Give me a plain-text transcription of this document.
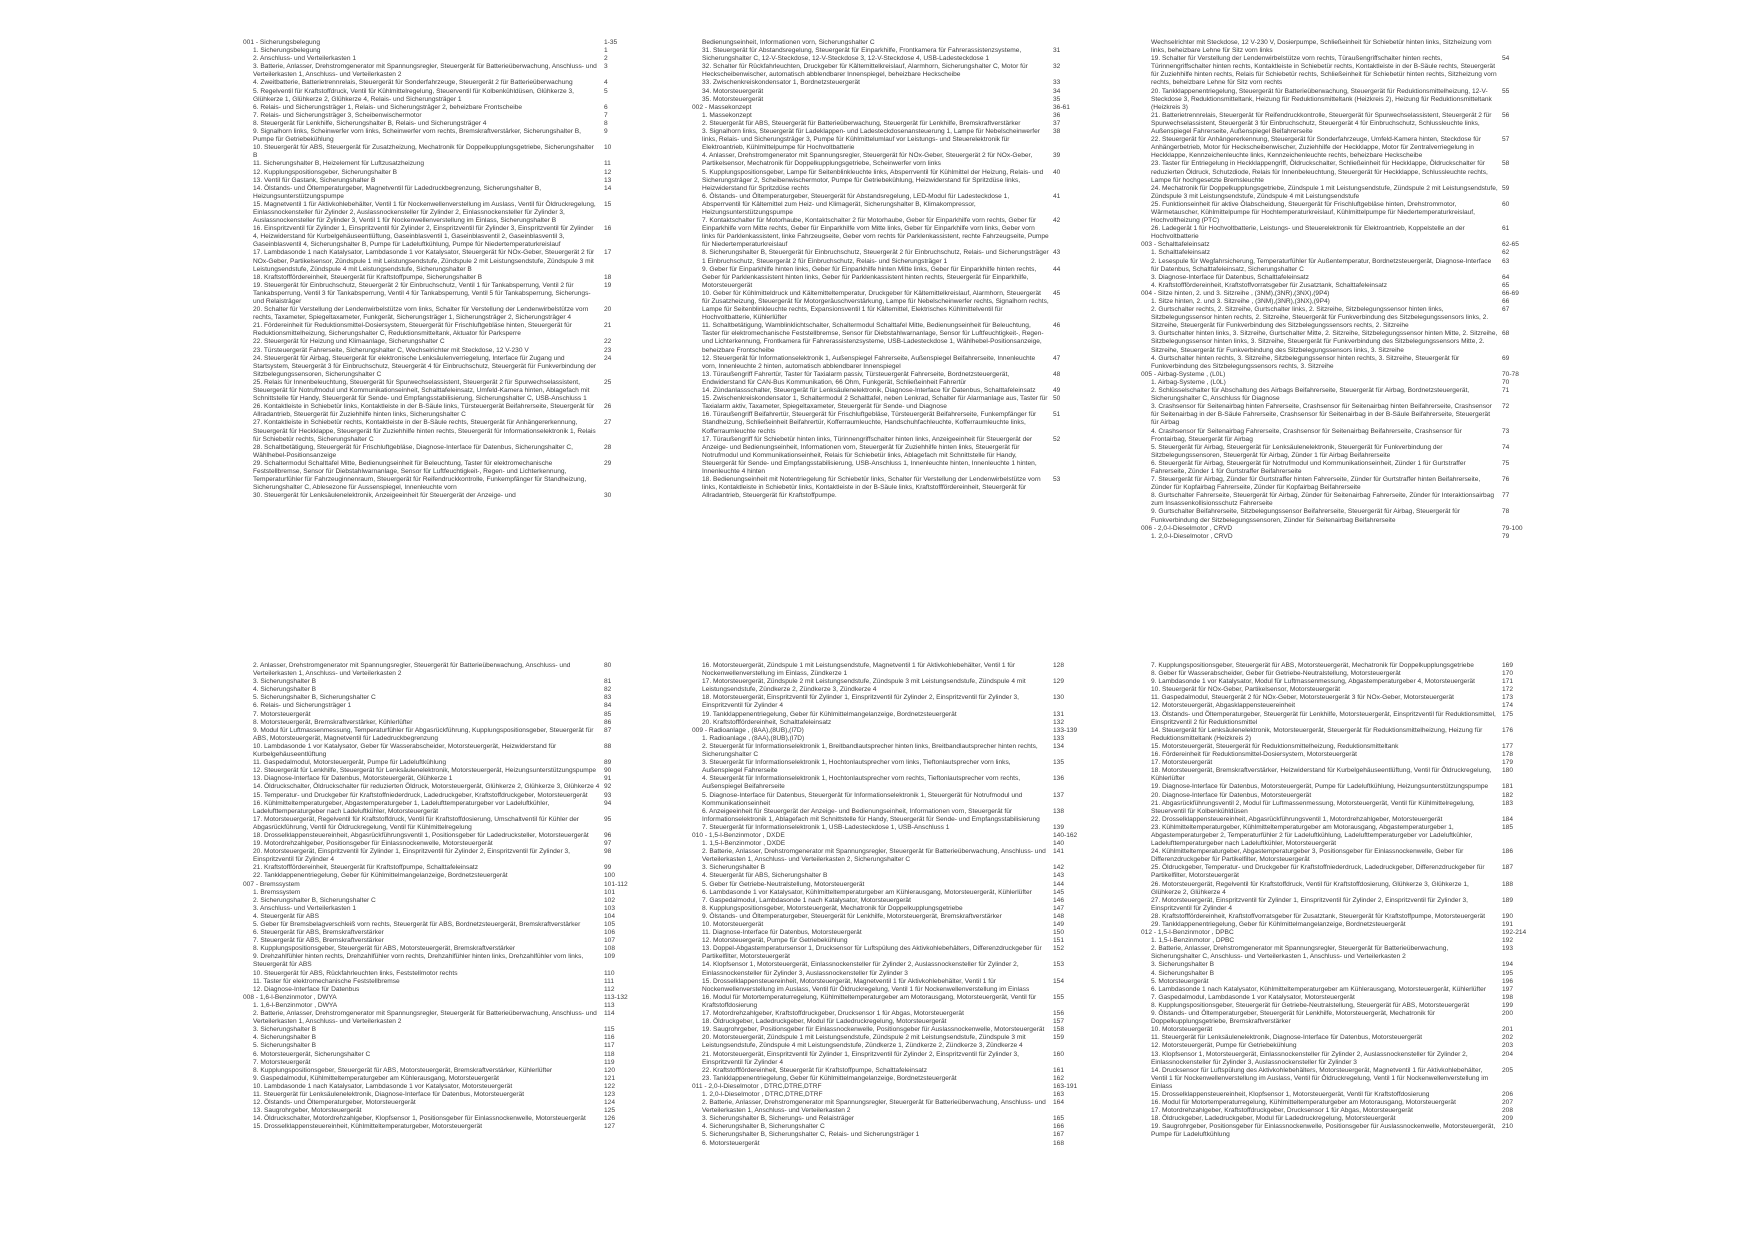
001 - Sicherungsbelegung	1-35
1. Sicherungsbelegung	1
2. Anschluss- und Verteilerkasten 1	2
3. Batterie, Anlasser, Drehstromgenerator mit Spannungsregler, Steuergerät für Batterieüberwachung, Anschluss- und Verteilerkasten 1, Anschluss- und Verteilerkasten 2
3
4. Zweitbatterie, Batterietrennrelais, Steuergerät für Sonderfahrzeuge, Steuergerät 2 für Batterieüberwachung	4
5. Regelventil für Kraftstoffdruck, Ventil für Kühlmittelregelung, Steuerventil für Kolbenkühldüsen, Glühkerze 3, Glühkerze 1, Glühkerze 2, Glühkerze 4, Relais- und Sicherungsträger 1
5
6. Relais- und Sicherungsträger 1, Relais- und Sicherungsträger 2, beheizbare Frontscheibe	6
7. Relais- und Sicherungsträger 3, Scheibenwischermotor	7
8. Steuergerät für Lenkhilfe, Sicherungshalter B, Relais- und Sicherungsträger 4	8
9. Signalhorn links, Scheinwerfer vorn links, Scheinwerfer vorn rechts, Bremskraftverstärker, Sicherungshalter B, Pumpe für Getriebekühlung
9
10. Steuergerät für ABS, Steuergerät für Zusatzheizung, Mechatronik für Doppelkupplungsgetriebe, Sicherungshalter B
10
11. Sicherungshalter B, Heizelement für Luftzusatzheizung	11
12. Kupplungspositionsgeber, Sicherungshalter B	12
13. Ventil für Gastank, Sicherungshalter B	13
14. Ölstands- und Öltemperaturgeber, Magnetventil für Ladedruckbegrenzung, Sicherungshalter B, Heizungsunterstützungspumpe
14
15. Magnetventil 1 für Aktivkohlebehälter, Ventil 1 für Nockenwellenverstellung im Auslass, Ventil für Öldruckregelung, Einlassnockensteller für Zylinder 2, Auslassnockensteller für Zylinder 2, Einlassnockensteller für Zylinder 3, Auslassnockensteller für Zylinder 3, Ventil 1 für Nockenwellenverstellung im Einlass, Sicherungshalter B
15
16. Einspritzventil für Zylinder 1, Einspritzventil für Zylinder 2, Einspritzventil für Zylinder 3, Einspritzventil für Zylinder 4, Heizwiderstand für Kurbelgehäuseentlüftung, Gaseinblasventil 1, Gaseinblasventil 2, Gaseinblasventil 3, Gaseinblasventil 4, Sicherungshalter B, Pumpe für Ladeluftkühlung, Pumpe für Niedertemperaturkreislauf
16
17. Lambdasonde 1 nach Katalysator, Lambdasonde 1 vor Katalysator, Steuergerät für NOx-Geber, Steuergerät 2 für NOx-Geber, Partikelsensor, Zündspule 1 mit Leistungsendstufe, Zündspule 2 mit Leistungsendstufe, Zündspule 3 mit Leistungsendstufe, Zündspule 4 mit Leistungsendstufe, Sicherungshalter B
17
18. Kraftstofffördereinheit, Steuergerät für Kraftstoffpumpe, Sicherungshalter B	18
19. Steuergerät für Einbruchschutz, Steuergerät 2 für Einbruchschutz, Ventil 1 für Tankabsperrung, Ventil 2 für Tankabsperrung, Ventil 3 für Tankabsperrung, Ventil 4 für Tankabsperrung, Ventil 5 für Tankabsperrung, Sicherungs- und Relaisträger
19
20. Schalter für Verstellung der Lendenwirbelstütze vorn links, Schalter für Verstellung der Lendenwirbelstütze vorn rechts, Taxameter, Spiegeltaxameter, Funkgerät, Sicherungsträger 1, Sicherungsträger 2, Sicherungsträger 4
20
21. Fördereinheit für Reduktionsmittel-Dosiersystem, Steuergerät für Frischluftgebläse hinten, Steuergerät für Reduktionsmittelheizung, Sicherungshalter C, Reduktionsmitteltank, Aktuator für Parksperre
21
22. Steuergerät für Heizung und Klimaanlage, Sicherungshalter C	22
23. Türsteuergerät Fahrerseite, Sicherungshalter C, Wechselrichter mit Steckdose, 12 V-230 V	23
24. Steuergerät für Airbag, Steuergerät für elektronische Lenksäulenverriegelung, Interface für Zugang und Startsystem, Steuergerät 3 für Einbruchschutz, Steuergerät 4 für Einbruchschutz, Steuergerät für Funkverbindung der Sitzbelegungssensoren, Sicherungshalter C
24
25. Relais für Innenbeleuchtung, Steuergerät für Spurwechselassistent, Steuergerät 2 für Spurwechselassistent, Steuergerät für Notrufmodul und Kommunikationseinheit, Schalttafeleinsatz, Umfeld-Kamera hinten, Ablagefach mit Schnittstelle für Handy, Steuergerät für Sende- und Empfangsstabilisierung, Sicherungshalter C, USB-Anschluss 1
25
26. Kontaktleiste in Schiebetür links, Kontaktleiste in der B-Säule links, Türsteuergerät Beifahrerseite, Steuergerät für Allradantrieb, Steuergerät für Zuziehhilfe hinten links, Sicherungshalter C
26
27. Kontaktleiste in Schiebetür rechts, Kontaktleiste in der B-Säule rechts, Steuergerät für Anhängererkennung, Steuergerät für Heckklappe, Steuergerät für Zuziehhilfe hinten rechts, Steuergerät für Informationselektronik 1, Relais für Schiebetür rechts, Sicherungshalter C
27
28. Schaltbetätigung, Steuergerät für Frischluftgebläse, Diagnose-Interface für Datenbus, Sicherungshalter C, Wählhebel-Positionsanzeige
28
29. Schaltermodul Schalttafel Mitte, Bedienungseinheit für Beleuchtung, Taster für elektromechanische Feststellbremse, Sensor für Diebstahlwarnanlage, Sensor für Luftfeuchtigkeit-, Regen- und Lichterkennung, Temperaturfühler für Fahrzeuginnenraum, Steuergerät für Reifendruckkontrolle, Funkempfänger für Standheizung, Sicherungshalter C, Ablesezone für Aussenspiegel, Innenleuchte vorn
29
30. Steuergerät für Lenksäulenelektronik, Anzeigeeinheit für Steuergerät der Anzeige- und	30
Bedienungseinheit, Informationen vorn, Sicherungshalter C
31. Steuergerät für Abstandsregelung, Steuergerät für Einparkhilfe, Frontkamera für Fahrerassistenzsysteme, Sicherungshalter C, 12-V-Steckdose, 12-V-Steckdose 3, 12-V-Steckdose 4, USB-Ladesteckdose 1
31
32. Schalter für Rückfahrleuchten, Druckgeber für Kältemittelkreislauf, Alarmhorn, Sicherungshalter C, Motor für Heckscheibenwischer, automatisch abblendbarer Innenspiegel, beheizbare Heckscheibe
32
33. Zwischenkreiskondensator 1, Bordnetzsteuergerät	33
34. Motorsteuergerät	34
35. Motorsteuergerät	35
002 - Massekonzept	36-61
1. Massekonzept	36
2. Steuergerät für ABS, Steuergerät für Batterieüberwachung, Steuergerät für Lenkhilfe, Bremskraftverstärker	37
3. Signalhorn links, Steuergerät für Ladeklappen- und Ladesteckdosenansteuerung 1, Lampe für Nebelscheinwerfer links, Relais- und Sicherungsträger 3, Pumpe für Kühlmittelumlauf vor Leistungs- und Steuerelektronik für Elektroantrieb, Kühlmittelpumpe für Hochvoltbatterie
38
4. Anlasser, Drehstromgenerator mit Spannungsregler, Steuergerät für NOx-Geber, Steuergerät 2 für NOx-Geber, Partikelsensor, Mechatronik für Doppelkupplungsgetriebe, Scheinwerfer vorn links
39
5. Kupplungspositionsgeber, Lampe für Seitenblinkleuchte links, Absperrventil für Kühlmittel der Heizung, Relais- und Sicherungsträger 2, Scheibenwischermotor, Pumpe für Getriebekühlung, Heizwiderstand für Spritzdüse links, Heizwiderstand für Spritzdüse rechts
40
6. Ölstands- und Öltemperaturgeber, Steuergerät für Abstandsregelung, LED-Modul für Ladesteckdose 1, Absperrventil für Kältemittel zum Heiz- und Klimagerät, Sicherungshalter B, Klimakompressor, Heizungsunterstützungspumpe
41
7. Kontaktschalter für Motorhaube, Kontaktschalter 2 für Motorhaube, Geber für Einparkhilfe vorn rechts, Geber für Einparkhilfe vorn Mitte rechts, Geber für Einparkhilfe vorn Mitte links, Geber für Einparkhilfe vorn links, Geber vorn links für Parklenkassistent, linke Fahrzeugseite, Geber vorn rechts für Parklenkassistent, rechte Fahrzeugseite, Pumpe für Niedertemperaturkreislauf
42
8. Sicherungshalter B, Steuergerät für Einbruchschutz, Steuergerät 2 für Einbruchschutz, Relais- und Sicherungsträger 1 Einbruchschutz, Steuergerät 2 für Einbruchschutz, Relais- und Sicherungsträger 1
43
9. Geber für Einparkhilfe hinten links, Geber für Einparkhilfe hinten Mitte links, Geber für Einparkhilfe hinten rechts, Geber für Parklenkassistent hinten links, Geber für Parklenkassistent hinten rechts, Steuergerät für Einparkhilfe, Motorsteuergerät
44
10. Geber für Kühlmitteldruck und Kältemitteltemperatur, Druckgeber für Kältemittelkreislauf, Alarmhorn, Steuergerät für Zusatzheizung, Steuergerät für Motorgeräuschverstärkung, Lampe für Nebelscheinwerfer rechts, Signalhorn rechts, Lampe für Seitenblinkleuchte rechts, Expansionsventil 1 für Kältemittel, Elektrisches Kühlmittelventil für Hochvoltbatterie, Kühlerlüfter
45
11. Schaltbetätigung, Wamblinklichtschalter, Schaltermodul Schalttafel Mitte, Bedienungseinheit für Beleuchtung, Taster für elektromechanische Feststellbremse, Sensor für Diebstahlwarnanlage, Sensor für Luftfeuchtigkeit-, Regen- und Lichterkennung, Frontkamera für Fahrerassistenzsysteme, USB-Ladesteckdose 1, Wählhebel-Positionsanzeige, beheizbare Frontscheibe
46
12. Steuergerät für Informationselektronik 1, Außenspiegel Fahrerseite, Außenspiegel Beifahrerseite, Innenleuchte vorn, Innenleuchte 2 hinten, automatisch abblendbarer Innenspiegel
47
13. Türaußengriff Fahrertür, Taster für Taxialarm passiv, Türsteuergerät Fahrerseite, Bordnetzsteuergerät, Endwiderstand für CAN-Bus Kommunikation, 66 Ohm, Funkgerät, Schließeinheit Fahrertür
48
14. Zündanlassschalter, Steuergerät für Lenksäulenelektronik, Diagnose-Interface für Datenbus, Schalttafeleinsatz	49
15. Zwischenkreiskondensator 1, Schaltermodul 2 Schalttafel, neben Lenkrad, Schalter für Alarmanlage aus, Taster für Taxialarm aktiv, Taxameter, Spiegeltaxameter, Steuergerät für Sende- und Diagnose
50
16. Türaußengriff Beifahrertür, Steuergerät für Frischluftgebläse, Türsteuergerät Beifahrerseite, Funkempfänger für Standheizung, Schließeinheit Beifahrertür, Kofferraumleuchte, Handschuhfachleuchte, Kofferraumleuchte links, Kofferraumleuchte rechts
51
17. Türaußengriff für Schiebetür hinten links, Türinnengriffschalter hinten links, Anzeigeeinheit für Steuergerät der Anzeige- und Bedienungseinheit, Informationen vorn, Steuergerät für Zuziehhilfe hinten links, Steuergerät für Notrufmodul und Kommunikationseinheit, Relais für Schiebetür links, Ablagefach mit Schnittstelle für Handy, Steuergerät für Sende- und Empfangsstabilisierung, USB-Anschluss 1, Innenleuchte hinten, Innenleuchte 1 hinten, Innenleuchte 4 hinten
52
18. Bedienungseinheit mit Notentriegelung für Schiebetür links, Schalter für Verstellung der Lendenwirbelstütze vorn links, Kontaktleiste in Schiebetür links, Kontaktleiste in der B-Säule links, Kraftstofffördereinheit, Steuergerät für Allradantrieb, Steuergerät für Kraftstoffpumpe.
53
Wechselrichter mit Steckdose, 12 V-230 V, Dosierpumpe, Schließeinheit für Schiebetür hinten links, Sitzheizung vorn links, beheizbare Lehne für Sitz vorn links
19. Schalter für Verstellung der Lendenwirbelstütze vorn rechts, Türaußengriffschalter hinten rechts, Türinnengriffschalter hinten rechts, Kontaktleiste in Schiebetür rechts, Kontaktleiste in der B-Säule rechts, Steuergerät für Zuziehhilfe hinten rechts, Relais für Schiebetür rechts, Schließeinheit für Schiebetür hinten rechts, Sitzheizung vorn rechts, beheizbare Lehne für Sitz vorn rechts
54
20. Tankklappenentriegelung, Steuergerät für Batterieüberwachung, Steuergerät für Reduktionsmittelheizung, 12-V-Steckdose 3, Reduktionsmitteltank, Heizung für Reduktionsmitteltank (Heizkreis 2), Heizung für Reduktionsmitteltank (Heizkreis 3)
55
21. Batterietrennrelais, Steuergerät für Reifendruckkontrolle, Steuergerät für Spurwechselassistent, Steuergerät 2 für Spurwechselassistent, Steuergerät 3 für Einbruchschutz, Steuergerät 4 für Einbruchschutz, Schlussleuchte links, Außenspiegel Fahrerseite, Außenspiegel Beifahrerseite
56
22. Steuergerät für Anhängererkennung, Steuergerät für Sonderfahrzeuge, Umfeld-Kamera hinten, Steckdose für Anhängerbetrieb, Motor für Heckscheibenwischer, Zuziehhilfe der Heckklappe, Motor für Zentralverriegelung in Heckklappe, Kennzeichenleuchte links, Kennzeichenleuchte rechts, beheizbare Heckscheibe
57
23. Taster für Entriegelung in Heckklappengriff, Öldruckschalter, Schließeinheit für Heckklappe, Öldruckschalter für reduzierten Öldruck, Schutzdiode, Relais für Innenbeleuchtung, Steuergerät für Heckklappe, Schlussleuchte rechts, Lampe für hochgesetzte Bremsleuchte
58
24. Mechatronik für Doppelkupplungsgetriebe, Zündspule 1 mit Leistungsendstufe, Zündspule 2 mit Leistungsendstufe, Zündspule 3 mit Leistungsendstufe, Zündspule 4 mit Leistungsendstufe
59
25. Funktionseinheit für aktive Ölabscheidung, Steuergerät für Frischluftgebläse hinten, Drehstrommotor, Wärmetauscher, Kühlmittelpumpe für Hochtemperaturkreislauf, Kühlmittelpumpe für Niedertemperaturkreislauf, Hochvoltheizung (PTC)
60
26. Ladegerät 1 für Hochvoltbatterie, Leistungs- und Steuerelektronik für Elektroantrieb, Koppelstelle an der Hochvoltbatterie
61
003 - Schalttafeleinsatz	62-65
1. Schalttafeleinsatz	62
2. Lesespule für Wegfahrsicherung, Temperaturfühler für Außentemperatur, Bordnetzsteuergerät, Diagnose-Interface für Datenbus, Schalttafeleinsatz, Sicherungshalter C
63
3. Diagnose-Interface für Datenbus, Schalttafeleinsatz	64
4. Kraftstofffördereinheit, Kraftstoffvorratsgeber für Zusatztank, Schalttafeleinsatz	65
004 - Sitze hinten, 2. und 3. Sitzreihe , (3NM),(3NR),(3NX),(9P4)	66-69
1. Sitze hinten, 2. und 3. Sitzreihe , (3NM),(3NR),(3NX),(9P4)	66
2. Gurtschalter rechts, 2. Sitzreihe, Gurtschalter links, 2. Sitzreihe, Sitzbelegungssensor hinten links, Sitzbelegungssensor hinten rechts, 2. Sitzreihe, Steuergerät für Funkverbindung des Sitzbelegungssensors links, 2. Sitzreihe, Steuergerät für Funkverbindung des Sitzbelegungssensors rechts, 2. Sitzreihe
67
3. Gurtschalter hinten links, 3. Sitzreihe, Gurtschalter Mitte, 2. Sitzreihe, Sitzbelegungssensor hinten Mitte, 2. Sitzreihe, Sitzbelegungssensor hinten links, 3. Sitzreihe, Steuergerät für Funkverbindung des Sitzbelegungssensors Mitte, 2. Sitzreihe, Steuergerät für Funkverbindung des Sitzbelegungssensors links, 3. Sitzreihe
68
4. Gurtschalter hinten rechts, 3. Sitzreihe, Sitzbelegungssensor hinten rechts, 3. Sitzreihe, Steuergerät für Funkverbindung des Sitzbelegungssensors rechts, 3. Sitzreihe
69
005 - Airbag-Systeme , (L0L)	70-78
1. Airbag-Systeme , (L0L)	70
2. Schlüsselschalter für Abschaltung des Airbags Beifahrerseite, Steuergerät für Airbag, Bordnetzsteuergerät, Sicherungshalter C, Anschluss für Diagnose
71
3. Crashsensor für Seitenairbag hinten Fahrerseite, Crashsensor für Seitenairbag hinten Beifahrerseite, Crashsensor für Seitenairbag in der B-Säule Fahrerseite, Crashsensor für Seitenairbag in der B-Säule Beifahrerseite, Steuergerät für Airbag
72
4. Crashsensor für Seitenairbag Fahrerseite, Crashsensor für Seitenairbag Beifahrerseite, Crashsensor für Frontairbag, Steuergerät für Airbag
73
5. Steuergerät für Airbag, Steuergerät für Lenksäulenelektronik, Steuergerät für Funkverbindung der Sitzbelegungssensoren, Steuergerät für Airbag, Zünder 1 für Airbag Beifahrerseite
74
6. Steuergerät für Airbag, Steuergerät für Notrufmodul und Kommunikationseinheit, Zünder 1 für Gurtstraffer Fahrerseite, Zünder 1 für Gurtstraffer Beifahrerseite
75
7. Steuergerät für Airbag, Zünder für Gurtstraffer hinten Fahrerseite, Zünder für Gurtstraffer hinten Beifahrerseite, Zünder für Kopfairbag Fahrerseite, Zünder für Kopfairbag Beifahrerseite
76
8. Gurtschalter Fahrerseite, Steuergerät für Airbag, Zünder für Seitenairbag Fahrerseite, Zünder für Interaktionsairbag zum Insassenkollisionsschutz Fahrerseite
77
9. Gurtschalter Beifahrerseite, Sitzbelegungssensor Beifahrerseite, Steuergerät für Airbag, Steuergerät für Funkverbindung der Sitzbelegungssensoren, Zünder für Seitenairbag Beifahrerseite
78
006 - 2,0-l-Dieselmotor , CRVD	79-100
1. 2,0-l-Dieselmotor , CRVD	79
2. Anlasser, Drehstromgenerator mit Spannungsregler, Steuergerät für Batterieüberwachung, Anschluss- und Verteilerkasten 1, Anschluss- und Verteilerkasten 2
80
3. Sicherungshalter B	81
4. Sicherungshalter B	82
5. Sicherungshalter B, Sicherungshalter C	83
6. Relais- und Sicherungsträger 1	84
7. Motorsteuergerät	85
8. Motorsteuergerät, Bremskraftverstärker, Kühlerlüfter	86
9. Modul für Luftmassenmessung, Temperaturfühler für Abgasrückführung, Kupplungspositionsgeber, Steuergerät für ABS, Motorsteuergerät, Magnetventil für Ladedruckbegrenzung
87
10. Lambdasonde 1 vor Katalysator, Geber für Wasserabscheider, Motorsteuergerät, Heizwiderstand für Kurbelgehäuseentlüftung
88
11. Gaspedalmodul, Motorsteuergerät, Pumpe für Ladeluftkühlung	89
12. Steuergerät für Lenkhilfe, Steuergerät für Lenksäulenelektronik, Motorsteuergerät, Heizungsunterstützungspumpe	90
13. Diagnose-Interface für Datenbus, Motorsteuergerät, Glühkerze 1	91
14. Öldruckschalter, Öldruckschalter für reduzierten Öldruck, Motorsteuergerät, Glühkerze 2, Glühkerze 3, Glühkerze 4 92
15. Temperatur- und Druckgeber für Kraftstoffniederdruck, Ladedruckgeber, Kraftstoffdruckgeber, Motorsteuergerät	93
16. Kühlmitteltemperaturgeber, Abgastemperaturgeber 1, Ladelufttemperaturgeber vor Ladeluftkühler, Ladelufttemperaturgeber nach Ladeluftkühler, Motorsteuergerät
94
17. Motorsteuergerät, Regelventil für Kraftstoffdruck, Ventil für Kraftstoffdosierung, Umschaltventil für Kühler der Abgasrückführung, Ventil für Öldruckregelung, Ventil für Kühlmittelregelung
95
18. Drosselklappensteuereinheit, Abgasrückführungsventil 1, Positionsgeber für Ladedrucksteller, Motorsteuergerät	96
19. Motordrehzahlgeber, Positionsgeber für Einlassnockenwelle, Motorsteuergerät	97
20. Motorsteuergerät, Einspritzventil für Zylinder 1, Einspritzventil für Zylinder 2, Einspritzventil für Zylinder 3, Einspritzventil für Zylinder 4
98
21. Kraftstofffördereinheit, Steuergerät für Kraftstoffpumpe, Schalttafeleinsatz	99
22. Tankklappenentriegelung, Geber für Kühlmittelmangelanzeige, Bordnetzsteuergerät	100
007 - Bremssystem	101-112
1. Bremssystem	101
2. Sicherungshalter B, Sicherungshalter C	102
3. Anschluss- und Verteilerkasten 1	103
4. Steuergerät für ABS	104
5. Geber für Bremsbelagverschleiß vorn rechts, Steuergerät für ABS, Bordnetzsteuergerät, Bremskraftverstärker	105
6. Steuergerät für ABS, Bremskraftverstärker	106
7. Steuergerät für ABS, Bremskraftverstärker	107
8. Kupplungspositionsgeber, Steuergerät für ABS, Motorsteuergerät, Bremskraftverstärker	108
9. Drehzahlfühler hinten rechts, Drehzahlfühler vorn rechts, Drehzahlfühler hinten links, Drehzahlfühler vorn links, Steuergerät für ABS
109
10. Steuergerät für ABS, Rückfahrleuchten links, Feststellmotor rechts	110
11. Taster für elektromechanische Feststellbremse	111
12. Diagnose-Interface für Datenbus	112
008 - 1,6-l-Benzinmotor , DWYA	113-132
1. 1,6-l-Benzinmotor , DWYA	113
2. Batterie, Anlasser, Drehstromgenerator mit Spannungsregler, Steuergerät für Batterieüberwachung, Anschluss- und Verteilerkasten 1, Anschluss- und Verteilerkasten 2
114
3. Sicherungshalter B	115
4. Sicherungshalter B	116
5. Sicherungshalter B	117
6. Motorsteuergerät, Sicherungshalter C	118
7. Motorsteuergerät	119
8. Kupplungspositionsgeber, Steuergerät für ABS, Motorsteuergerät, Bremskraftverstärker, Kühlerlüfter	120
9. Gaspedalmodul, Kühlmitteltemperaturgeber am Kühlerausgang, Motorsteuergerät	121
10. Lambdasonde 1 nach Katalysator, Lambdasonde 1 vor Katalysator, Motorsteuergerät	122
11. Steuergerät für Lenksäulenelektronik, Diagnose-Interface für Datenbus, Motorsteuergerät	123
12. Ölstands- und Öltemperaturgeber, Motorsteuergerät	124
13. Saugrohrgeber, Motorsteuergerät	125
14. Öldruckschalter, Motordrehzahlgeber, Klopfsensor 1, Positionsgeber für Einlassnockenwelle, Motorsteuergerät	126
15. Drosselklappensteuereinheit, Kühlmitteltemperaturgeber, Motorsteuergerät	127
16. Motorsteuergerät, Zündspule 1 mit Leistungsendstufe, Magnetventil 1 für Aktivkohlebehälter, Ventil 1 für Nockenwellenverstellung im Einlass, Zündkerze 1
128
17. Motorsteuergerät, Zündspule 2 mit Leistungsendstufe, Zündspule 3 mit Leistungsendstufe, Zündspule 4 mit Leistungsendstufe, Zündkerze 2, Zündkerze 3, Zündkerze 4
129
18. Motorsteuergerät, Einspritzventil für Zylinder 1, Einspritzventil für Zylinder 2, Einspritzventil für Zylinder 3, Einspritzventil für Zylinder 4
130
19. Tankklappenentriegelung, Geber für Kühlmittelmangelanzeige, Bordnetzsteuergerät	131
20. Kraftstofffördereinheit, Schalttafeleinsatz	132
009 - Radioanlage , (8AA),(8UB),(I7D)	133-139
1. Radioanlage , (8AA),(8UB),(I7D)	133
2. Steuergerät für Informationselektronik 1, Breitbandlautsprecher hinten links, Breitbandlautsprecher hinten rechts, Sicherungshalter C
134
3. Steuergerät für Informationselektronik 1, Hochtonlautsprecher vorn links, Tieftonlautsprecher vorn links, Außenspiegel Fahrerseite
135
4. Steuergerät für Informationselektronik 1, Hochtonlautsprecher vorn rechts, Tieftonlautsprecher vorn rechts, Außenspiegel Beifahrerseite
136
5. Diagnose-Interface für Datenbus, Steuergerät für Informationselektronik 1, Steuergerät für Notrufmodul und Kommunikationseinheit
137
6. Anzeigeeinheit für Steuergerät der Anzeige- und Bedienungseinheit, Informationen vorn, Steuergerät für Informationselektronik 1, Ablagefach mit Schnittstelle für Handy, Steuergerät für Sende- und Empfangsstabilisierung
138
7. Steuergerät für Informationselektronik 1, USB-Ladesteckdose 1, USB-Anschluss 1	139
010 - 1,5-l-Benzinmotor , DXDE	140-162
1. 1,5-l-Benzinmotor , DXDE	140
2. Batterie, Anlasser, Drehstromgenerator mit Spannungsregler, Steuergerät für Batterieüberwachung, Anschluss- und Verteilerkasten 1, Anschluss- und Verteilerkasten 2, Sicherungshalter C
141
3. Sicherungshalter B	142
4. Steuergerät für ABS, Sicherungshalter B	143
5. Geber für Getriebe-Neutralstellung, Motorsteuergerät	144
6. Lambdasonde 1 vor Katalysator, Kühlmitteltemperaturgeber am Kühlerausgang, Motorsteuergerät, Kühlerlüfter	145
7. Gaspedalmodul, Lambdasonde 1 nach Katalysator, Motorsteuergerät	146
8. Kupplungspositionsgeber, Motorsteuergerät, Mechatronik für Doppelkupplungsgetriebe	147
9. Ölstands- und Öltemperaturgeber, Steuergerät für Lenkhilfe, Motorsteuergerät, Bremskraftverstärker	148
10. Motorsteuergerät	149
11. Diagnose-Interface für Datenbus, Motorsteuergerät	150
12. Motorsteuergerät, Pumpe für Getriebekühlung	151
13. Doppel-Abgastemperatursensor 1, Drucksensor für Luftspülung des Aktivkohlebehälters, Differenzdruckgeber für Partikelfilter, Motorsteuergerät
152
14. Klopfsensor 1, Motorsteuergerät, Einlassnockensteller für Zylinder 2, Auslassnockensteller für Zylinder 2, Einlassnockensteller für Zylinder 3, Auslassnockensteller für Zylinder 3
153
15. Drosselklappensteuereinheit, Motorsteuergerät, Magnetventil 1 für Aktivkohlebehälter, Ventil 1 für Nockenwellenverstellung im Auslass, Ventil für Öldruckregelung, Ventil 1 für Nockenwellenverstellung im Einlass
154
16. Modul für Motortemperaturregelung, Kühlmitteltemperaturgeber am Motorausgang, Motorsteuergerät, Ventil für Kraftstoffdosierung
155
17. Motordrehzahlgeber, Kraftstoffdruckgeber, Drucksensor 1 für Abgas, Motorsteuergerät	156
18. Öldruckgeber, Ladedruckgeber, Modul für Ladedruckregelung, Motorsteuergerät	157
19. Saugrohrgeber, Positionsgeber für Einlassnockenwelle, Positionsgeber für Auslassnockenwelle, Motorsteuergerät	158
20. Motorsteuergerät, Zündspule 1 mit Leistungsendstufe, Zündspule 2 mit Leistungsendstufe, Zündspule 3 mit Leistungsendstufe, Zündspule 4 mit Leistungsendstufe, Zündkerze 1, Zündkerze 2, Zündkerze 3, Zündkerze 4
159
21. Motorsteuergerät, Einspritzventil für Zylinder 1, Einspritzventil für Zylinder 2, Einspritzventil für Zylinder 3, Einspritzventil für Zylinder 4
160
22. Kraftstofffördereinheit, Steuergerät für Kraftstoffpumpe, Schalttafeleinsatz	161
23. Tankklappenentriegelung, Geber für Kühlmittelmangelanzeige, Bordnetzsteuergerät	162
011 - 2,0-l-Dieselmotor , DTRC,DTRE,DTRF	163-191
1. 2,0-l-Dieselmotor , DTRC,DTRE,DTRF	163
2. Batterie, Anlasser, Drehstromgenerator mit Spannungsregler, Steuergerät für Batterieüberwachung, Anschluss- und Verteilerkasten 1, Anschluss- und Verteilerkasten 2
164
3. Sicherungshalter B, Sicherungs- und Relaisträger	165
4. Sicherungshalter B, Sicherungshalter C	166
5. Sicherungshalter B, Sicherungshalter C, Relais- und Sicherungsträger 1	167
6. Motorsteuergerät	168
7. Kupplungspositionsgeber, Steuergerät für ABS, Motorsteuergerät, Mechatronik für Doppelkupplungsgetriebe	169
8. Geber für Wasserabscheider, Geber für Getriebe-Neutralstellung, Motorsteuergerät	170
9. Lambdasonde 1 vor Katalysator, Modul für Luftmassenmessung, Abgastemperaturgeber 4, Motorsteuergerät	171
10. Steuergerät für NOx-Geber, Partikelsensor, Motorsteuergerät	172
11. Gaspedalmodul, Steuergerät 2 für NOx-Geber, Motorsteuergerät 3 für NOx-Geber, Motorsteuergerät	173
12. Motorsteuergerät, Abgasklappensteuereinheit	174
13. Ölstands- und Öltemperaturgeber, Steuergerät für Lenkhilfe, Motorsteuergerät, Einspritzventil für Reduktionsmittel, Einspritzventil 2 für Reduktionsmittel
175
14. Steuergerät für Lenksäulenelektronik, Motorsteuergerät, Steuergerät für Reduktionsmittelheizung, Heizung für Reduktionsmitteltank (Heizkreis 2)
176
15. Motorsteuergerät, Steuergerät für Reduktionsmittelheizung, Reduktionsmitteltank	177
16. Fördereinheit für Reduktionsmittel-Dosiersystem, Motorsteuergerät	178
17. Motorsteuergerät	179
18. Motorsteuergerät, Bremskraftverstärker, Heizwiderstand für Kurbelgehäuseentlüftung, Ventil für Öldruckregelung, Kühlerlüfter
180
19. Diagnose-Interface für Datenbus, Motorsteuergerät, Pumpe für Ladeluftkühlung, Heizungsunterstützungspumpe	181
20. Diagnose-Interface für Datenbus, Motorsteuergerät	182
21. Abgasrückführungsventil 2, Modul für Luftmassenmessung, Motorsteuergerät, Ventil für Kühlmittelregelung, Steuerventil für Kolbenkühldüsen
183
22. Drosselklappensteuereinheit, Abgasrückführungsventil 1, Motordrehzahlgeber, Motorsteuergerät	184
23. Kühlmitteltemperaturgeber, Kühlmitteltemperaturgeber am Motorausgang, Abgastemperaturgeber 1, Abgastemperaturgeber 2, Temperaturfühler 2 für Ladeluftkühlung, Ladelufttemperaturgeber vor Ladeluftkühler, Ladelufttemperaturgeber nach Ladeluftkühler, Motorsteuergerät
185
24. Kühlmitteltemperaturgeber, Abgastemperaturgeber 3, Positionsgeber für Einlassnockenwelle, Geber für Differenzdruckgeber für Partikelfilter, Motorsteuergerät
186
25. Öldruckgeber, Temperatur- und Druckgeber für Kraftstoffniederdruck, Ladedruckgeber, Differenzdruckgeber für Partikelfilter, Motorsteuergerät
187
26. Motorsteuergerät, Regelventil für Kraftstoffdruck, Ventil für Kraftstoffdosierung, Glühkerze 3, Glühkerze 1, Glühkerze 2, Glühkerze 4
188
27. Motorsteuergerät, Einspritzventil für Zylinder 1, Einspritzventil für Zylinder 2, Einspritzventil für Zylinder 3, Einspritzventil für Zylinder 4
189
28. Kraftstofffördereinheit, Kraftstoffvorratsgeber für Zusatztank, Steuergerät für Kraftstoffpumpe, Motorsteuergerät	190
29. Tankklappenentriegelung, Geber für Kühlmittelmangelanzeige, Bordnetzsteuergerät	191
012 - 1,5-l-Benzinmotor , DPBC	192-214
1. 1,5-l-Benzinmotor , DPBC	192
2. Batterie, Anlasser, Drehstromgenerator mit Spannungsregler, Steuergerät für Batterieüberwachung, Sicherungshalter C, Anschluss- und Verteilerkasten 1, Anschluss- und Verteilerkasten 2
193
3. Sicherungshalter B	194
4. Sicherungshalter B	195
5. Motorsteuergerät	196
6. Lambdasonde 1 nach Katalysator, Kühlmitteltemperaturgeber am Kühlerausgang, Motorsteuergerät, Kühlerlüfter	197
7. Gaspedalmodul, Lambdasonde 1 vor Katalysator, Motorsteuergerät	198
8. Kupplungspositionsgeber, Steuergerät für Getriebe-Neutralstellung, Steuergerät für ABS, Motorsteuergerät	199
9. Ölstands- und Öltemperaturgeber, Steuergerät für Lenkhilfe, Motorsteuergerät, Mechatronik für Doppelkupplungsgetriebe, Bremskraftverstärker
200
10. Motorsteuergerät	201
11. Steuergerät für Lenksäulenelektronik, Diagnose-Interface für Datenbus, Motorsteuergerät	202
12. Motorsteuergerät, Pumpe für Getriebekühlung	203
13. Klopfsensor 1, Motorsteuergerät, Einlassnockensteller für Zylinder 2, Auslassnockensteller für Zylinder 2, Einlassnockensteller für Zylinder 3, Auslassnockensteller für Zylinder 3
204
14. Drucksensor für Luftspülung des Aktivkohlebehälters, Motorsteuergerät, Magnetventil 1 für Aktivkohlebehälter, Ventil 1 für Nockenwellenverstellung im Auslass, Ventil für Öldruckregelung, Ventil 1 für Nockenwellenverstellung im Einlass
205
15. Drosselklappensteuereinheit, Klopfsensor 1, Motorsteuergerät, Ventil für Kraftstoffdosierung	206
16. Modul für Motortemperaturregelung, Kühlmitteltemperaturgeber am Motorausgang, Motorsteuergerät	207
17. Motordrehzahlgeber, Kraftstoffdruckgeber, Drucksensor 1 für Abgas, Motorsteuergerät	208
18. Öldruckgeber, Ladedruckgeber, Modul für Ladedruckregelung, Motorsteuergerät	209
19. Saugrohrgeber, Positionsgeber für Einlassnockenwelle, Positionsgeber für Auslassnockenwelle, Motorsteuergerät, Pumpe für Ladeluftkühlung
210
